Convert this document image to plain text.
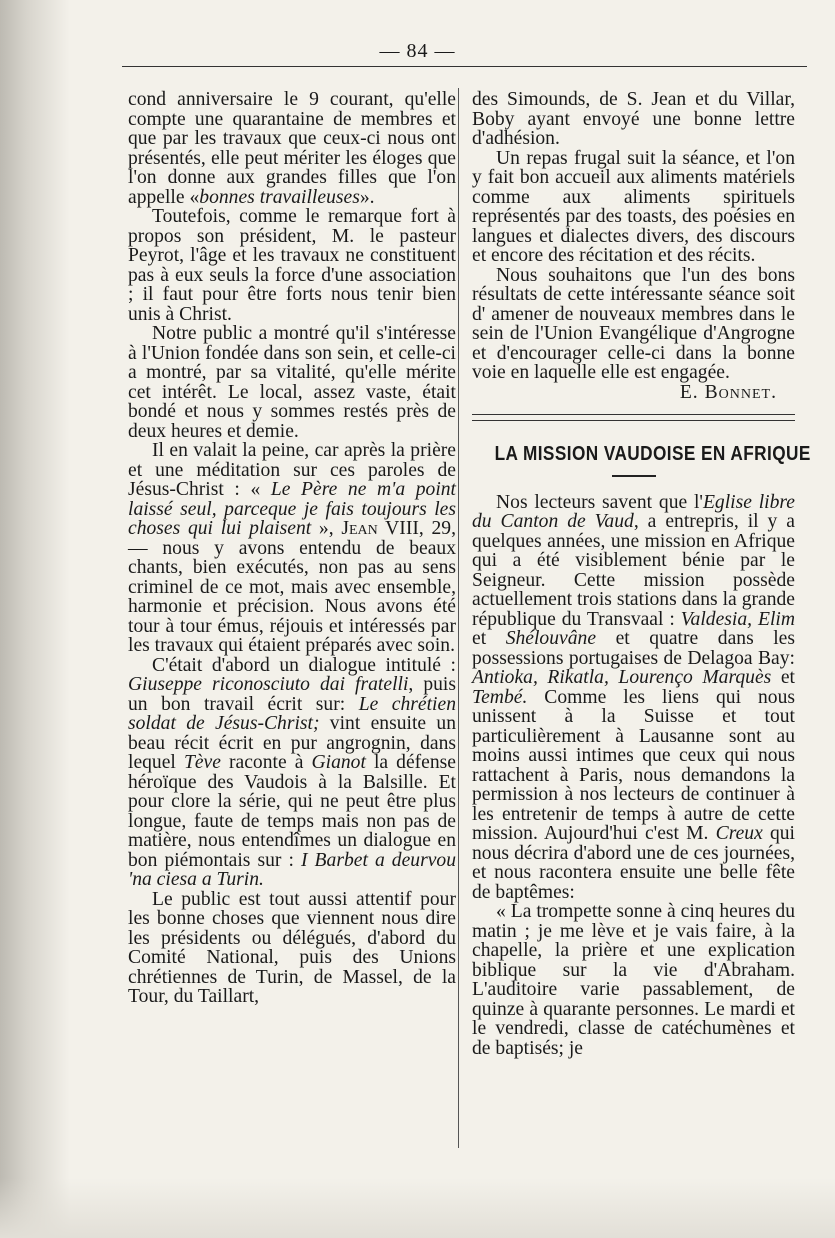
— 84 —

cond anniversaire le 9 courant, qu'elle compte une quarantaine de membres et que par les travaux que ceux-ci nous ont présentés, elle peut mériter les éloges que l'on donne aux grandes filles que l'on appelle «bonnes travailleuses».

Toutefois, comme le remarque fort à propos son président, M. le pasteur Peyrot, l'âge et les travaux ne constituent pas à eux seuls la force d'une association ; il faut pour être forts nous tenir bien unis à Christ.

Notre public a montré qu'il s'intéresse à l'Union fondée dans son sein, et celle-ci a montré, par sa vitalité, qu'elle mérite cet intérêt. Le local, assez vaste, était bondé et nous y sommes restés près de deux heures et demie.

Il en valait la peine, car après la prière et une méditation sur ces paroles de Jésus-Christ : « Le Père ne m'a point laissé seul, parceque je fais toujours les choses qui lui plaisent », Jean VIII, 29, — nous y avons entendu de beaux chants, bien exécutés, non pas au sens criminel de ce mot, mais avec ensemble, harmonie et précision. Nous avons été tour à tour émus, réjouis et intéressés par les travaux qui étaient préparés avec soin.

C'était d'abord un dialogue intitulé : Giuseppe riconosciuto dai fratelli, puis un bon travail écrit sur: Le chrétien soldat de Jésus-Christ; vint ensuite un beau récit écrit en pur angrognin, dans lequel Tève raconte à Gianot la défense héroïque des Vaudois à la Balsille. Et pour clore la série, qui ne peut être plus longue, faute de temps mais non pas de matière, nous entendîmes un dialogue en bon piémontais sur : I Barbet a deurvou 'na ciesa a Turin.

Le public est tout aussi attentif pour les bonne choses que viennent nous dire les présidents ou délégués, d'abord du Comité National, puis des Unions chrétiennes de Turin, de Massel, de la Tour, du Taillart,

des Simounds, de S. Jean et du Villar, Boby ayant envoyé une bonne lettre d'adhésion.

Un repas frugal suit la séance, et l'on y fait bon accueil aux aliments matériels comme aux aliments spirituels représentés par des toasts, des poésies en langues et dialectes divers, des discours et encore des récitation et des récits.

Nous souhaitons que l'un des bons résultats de cette intéressante séance soit d' amener de nouveaux membres dans le sein de l'Union Evangélique d'Angrogne et d'encourager celle-ci dans la bonne voie en laquelle elle est engagée.

E. Bonnet.

LA MISSION VAUDOISE EN AFRIQUE

Nos lecteurs savent que l'Eglise libre du Canton de Vaud, a entrepris, il y a quelques années, une mission en Afrique qui a été visiblement bénie par le Seigneur. Cette mission possède actuellement trois stations dans la grande république du Transvaal : Valdesia, Elim et Shélouvâne et quatre dans les possessions portugaises de Delagoa Bay: Antioka, Rikatla, Lourenço Marquès et Tembé. Comme les liens qui nous unissent à la Suisse et tout particulièrement à Lausanne sont au moins aussi intimes que ceux qui nous rattachent à Paris, nous demandons la permission à nos lecteurs de continuer à les entretenir de temps à autre de cette mission. Aujourd'hui c'est M. Creux qui nous décrira d'abord une de ces journées, et nous racontera ensuite une belle fête de baptêmes:

« La trompette sonne à cinq heures du matin ; je me lève et je vais faire, à la chapelle, la prière et une explication biblique sur la vie d'Abraham. L'auditoire varie passablement, de quinze à quarante personnes. Le mardi et le vendredi, classe de catéchumènes et de baptisés; je
